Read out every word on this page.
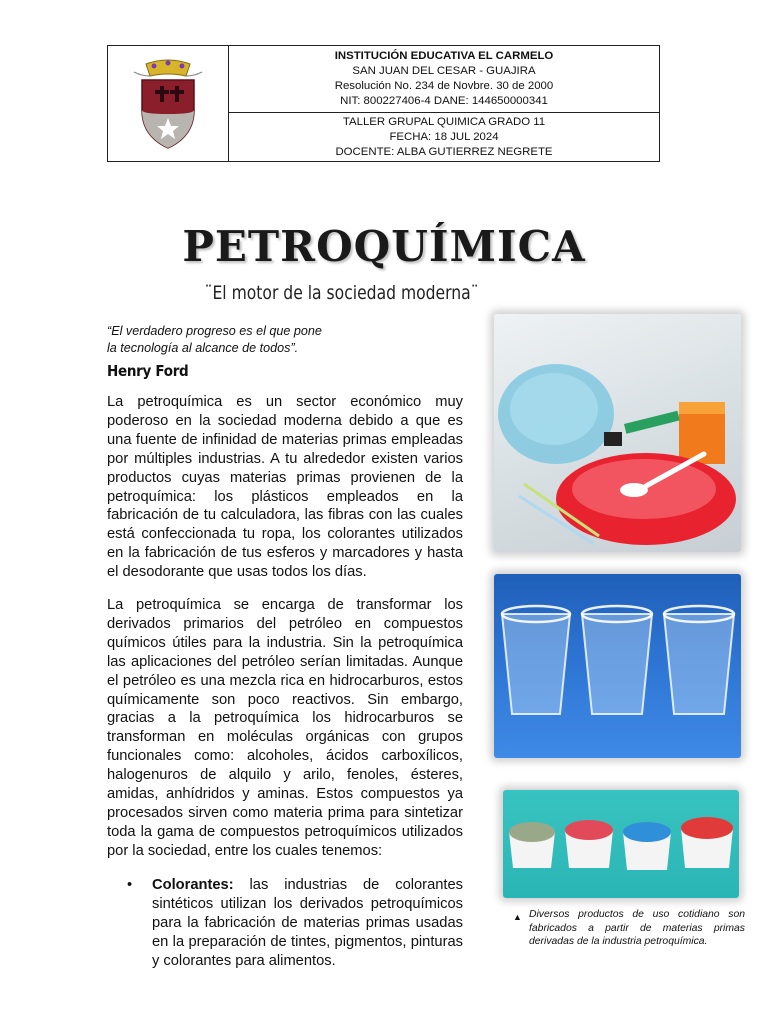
INSTITUCIÓN EDUCATIVA EL CARMELO
SAN JUAN DEL CESAR - GUAJIRA
Resolución No. 234 de Novbre. 30 de 2000
NIT: 800227406-4 DANE: 144650000341
TALLER GRUPAL QUIMICA GRADO 11
FECHA: 18 JUL 2024
DOCENTE: ALBA GUTIERREZ NEGRETE
PETROQUÍMICA
¨El motor de la sociedad moderna¨
“El verdadero progreso es el que pone
la tecnología al alcance de todos”.
Henry Ford
La petroquímica es un sector económico muy poderoso en la sociedad moderna debido a que es una fuente de infinidad de materias primas empleadas por múltiples industrias. A tu alrededor existen varios productos cuyas materias primas provienen de la petroquímica: los plásticos empleados en la fabricación de tu calculadora, las fibras con las cuales está confeccionada tu ropa, los colorantes utilizados en la fabricación de tus esferos y marcadores y hasta el desodorante que usas todos los días.
La petroquímica se encarga de transformar los derivados primarios del petróleo en compuestos químicos útiles para la industria. Sin la petroquímica las aplicaciones del petróleo serían limitadas. Aunque el petróleo es una mezcla rica en hidrocarburos, estos químicamente son poco reactivos. Sin embargo, gracias a la petroquímica los hidrocarburos se transforman en moléculas orgánicas con grupos funcionales como: alcoholes, ácidos carboxílicos, halogenuros de alquilo y arilo, fenoles, ésteres, amidas, anhídridos y aminas. Estos compuestos ya procesados sirven como materia prima para sintetizar toda la gama de compuestos petroquímicos utilizados por la sociedad, entre los cuales tenemos:
• Colorantes: las industrias de colorantes sintéticos utilizan los derivados petroquímicos para la fabricación de materias primas usadas en la preparación de tintes, pigmentos, pinturas y colorantes para alimentos.
▲ Diversos productos de uso cotidiano son fabricados a partir de materias primas derivadas de la industria petroquímica.
